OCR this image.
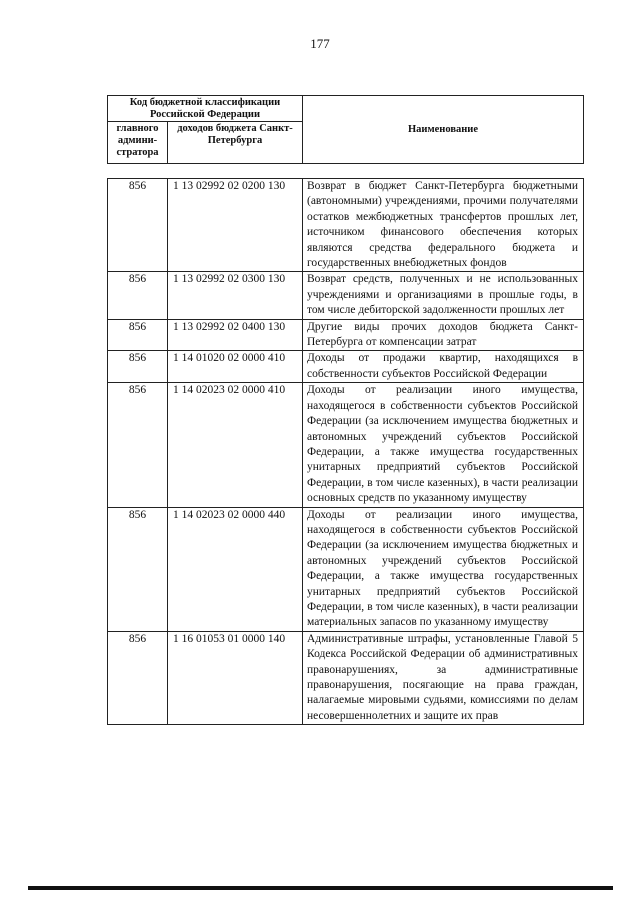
177
Код бюджетной классификации Российской Федерации		Наименование
главного админи-стратора	доходов бюджета Санкт-Петербурга	
856	1 13 02992 02 0200 130	Возврат в бюджет Санкт-Петербурга бюджетными (автономными) учреждениями, прочими получателями остатков межбюджетных трансфертов прошлых лет, источником финансового обеспечения которых являются средства федерального бюджета и государственных внебюджетных фондов
856	1 13 02992 02 0300 130	Возврат средств, полученных и не использованных учреждениями и организациями в прошлые годы, в том числе дебиторской задолженности прошлых лет
856	1 13 02992 02 0400 130	Другие виды прочих доходов бюджета Санкт-Петербурга от компенсации затрат
856	1 14 01020 02 0000 410	Доходы от продажи квартир, находящихся в собственности субъектов Российской Федерации
856	1 14 02023 02 0000 410	Доходы от реализации иного имущества, находящегося в собственности субъектов Российской Федерации (за исключением имущества бюджетных и автономных учреждений субъектов Российской Федерации, а также имущества государственных унитарных предприятий субъектов Российской Федерации, в том числе казенных), в части реализации основных средств по указанному имуществу
856	1 14 02023 02 0000 440	Доходы от реализации иного имущества, находящегося в собственности субъектов Российской Федерации (за исключением имущества бюджетных и автономных учреждений субъектов Российской Федерации, а также имущества государственных унитарных предприятий субъектов Российской Федерации, в том числе казенных), в части реализации материальных запасов по указанному имуществу
856	1 16 01053 01 0000 140	Административные штрафы, установленные Главой 5 Кодекса Российской Федерации об административных правонарушениях, за административные правонарушения, посягающие на права граждан, налагаемые мировыми судьями, комиссиями по делам несовершеннолетних и защите их прав
